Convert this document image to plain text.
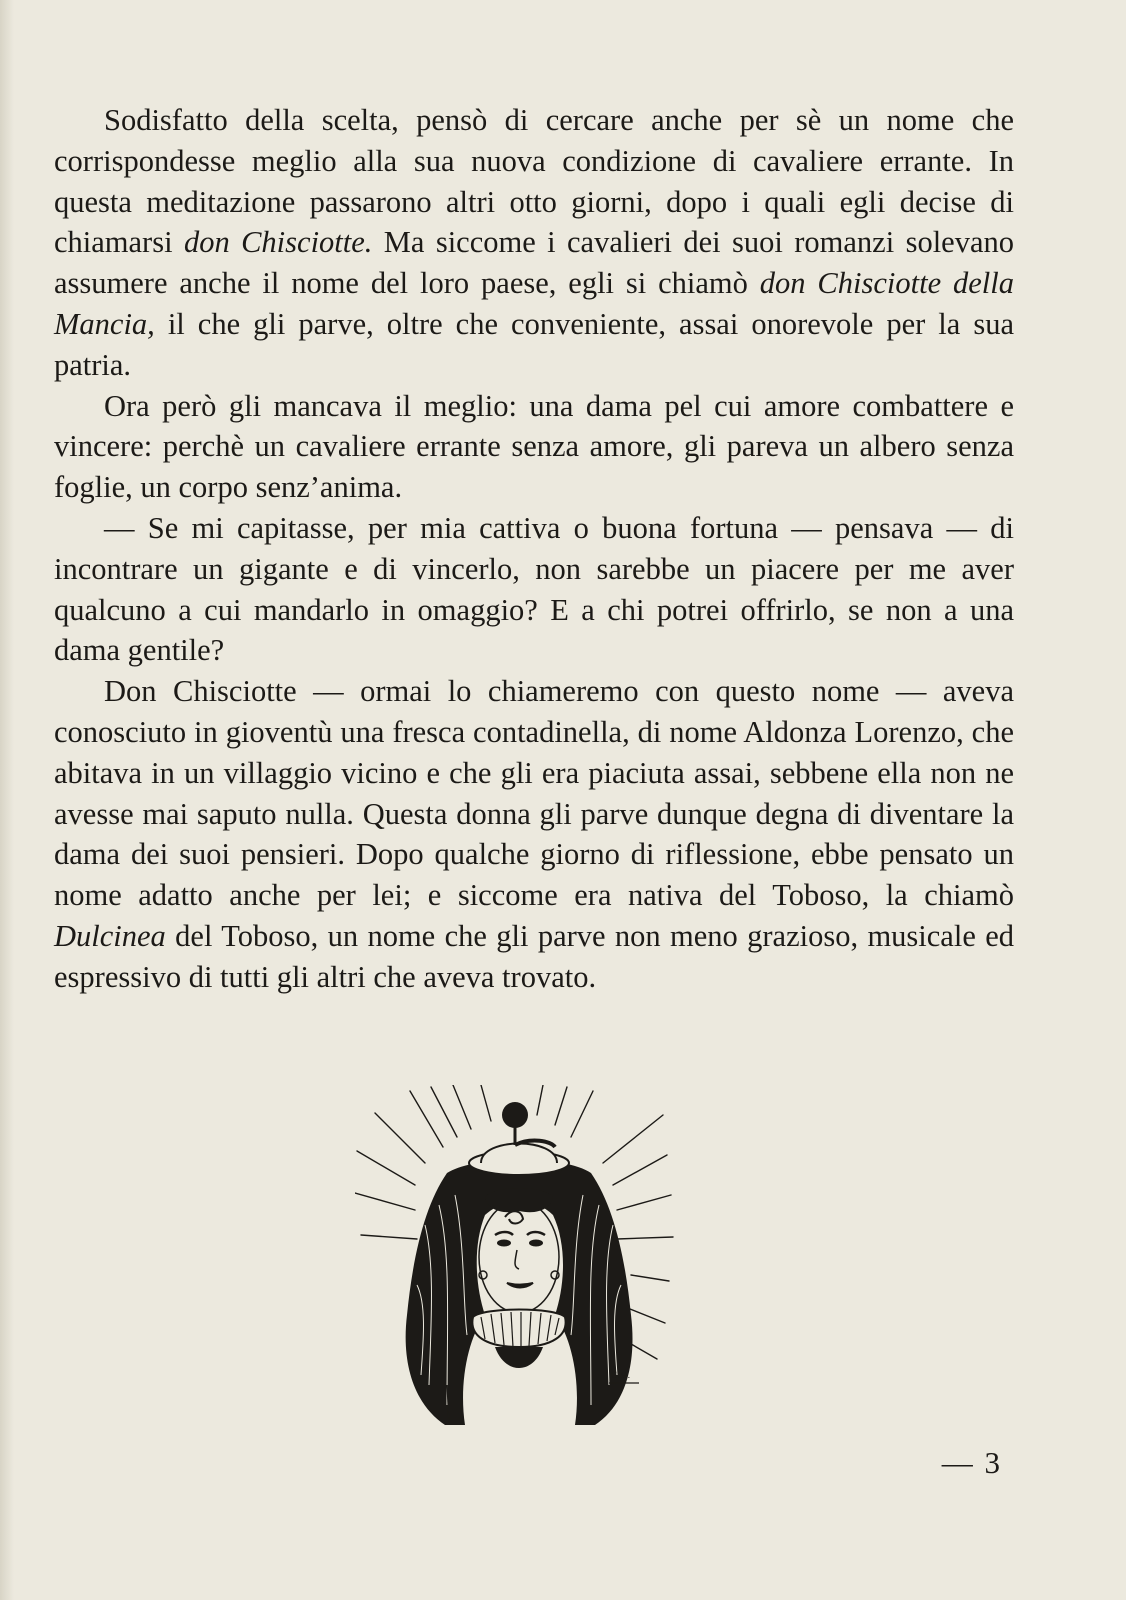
Sodisfatto della scelta, pensò di cercare anche per sè un nome che corrispondesse meglio alla sua nuova condizione di cavaliere errante. In questa meditazione passarono altri otto giorni, dopo i quali egli decise di chiamarsi don Chisciotte. Ma siccome i cavalieri dei suoi romanzi solevano assumere anche il nome del loro paese, egli si chiamò don Chisciotte della Mancia, il che gli parve, oltre che conveniente, assai onorevole per la sua patria.

Ora però gli mancava il meglio: una dama pel cui amore combattere e vincere: perchè un cavaliere errante senza amore, gli pareva un albero senza foglie, un corpo senz’anima.

— Se mi capitasse, per mia cattiva o buona fortuna — pensava — di incontrare un gigante e di vincerlo, non sarebbe un piacere per me aver qualcuno a cui mandarlo in omaggio? E a chi potrei offrirlo, se non a una dama gentile?

Don Chisciotte — ormai lo chiameremo con questo nome — aveva conosciuto in gioventù una fresca contadinella, di nome Aldonza Lorenzo, che abitava in un villaggio vicino e che gli era piaciuta assai, sebbene ella non ne avesse mai saputo nulla. Questa donna gli parve dunque degna di diventare la dama dei suoi pensieri. Dopo qualche giorno di riflessione, ebbe pensato un nome adatto anche per lei; e siccome era nativa del Toboso, la chiamò Dulcinea del Toboso, un nome che gli parve non meno grazioso, musicale ed espressivo di tutti gli altri che aveva trovato.

G.M.
— 3
